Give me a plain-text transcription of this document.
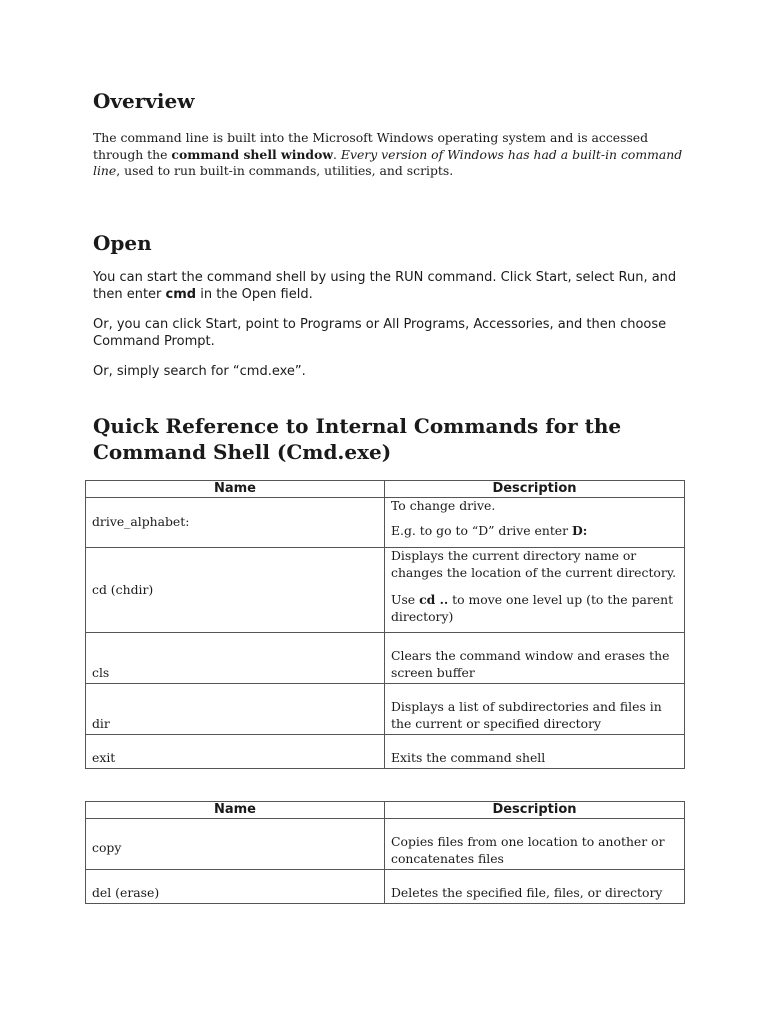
Overview

The command line is built into the Microsoft Windows operating system and is accessed through the command shell window. Every version of Windows has had a built-in command line, used to run built-in commands, utilities, and scripts.

Open

You can start the command shell by using the RUN command. Click Start, select Run, and then enter cmd in the Open field.

Or, you can click Start, point to Programs or All Programs, Accessories, and then choose Command Prompt.

Or, simply search for “cmd.exe”.

Quick Reference to Internal Commands for the Command Shell (Cmd.exe)
Name	Description
drive_alphabet:	To change drive.
E.g. to go to “D” drive enter D:
cd (chdir)	Displays the current directory name or changes the location of the current directory.
Use cd .. to move one level up (to the parent directory)
cls	Clears the command window and erases the screen buffer
dir	Displays a list of subdirectories and files in the current or specified directory
exit	Exits the command shell
Name	Description
copy	Copies files from one location to another or concatenates files
del (erase)	Deletes the specified file, files, or directory
